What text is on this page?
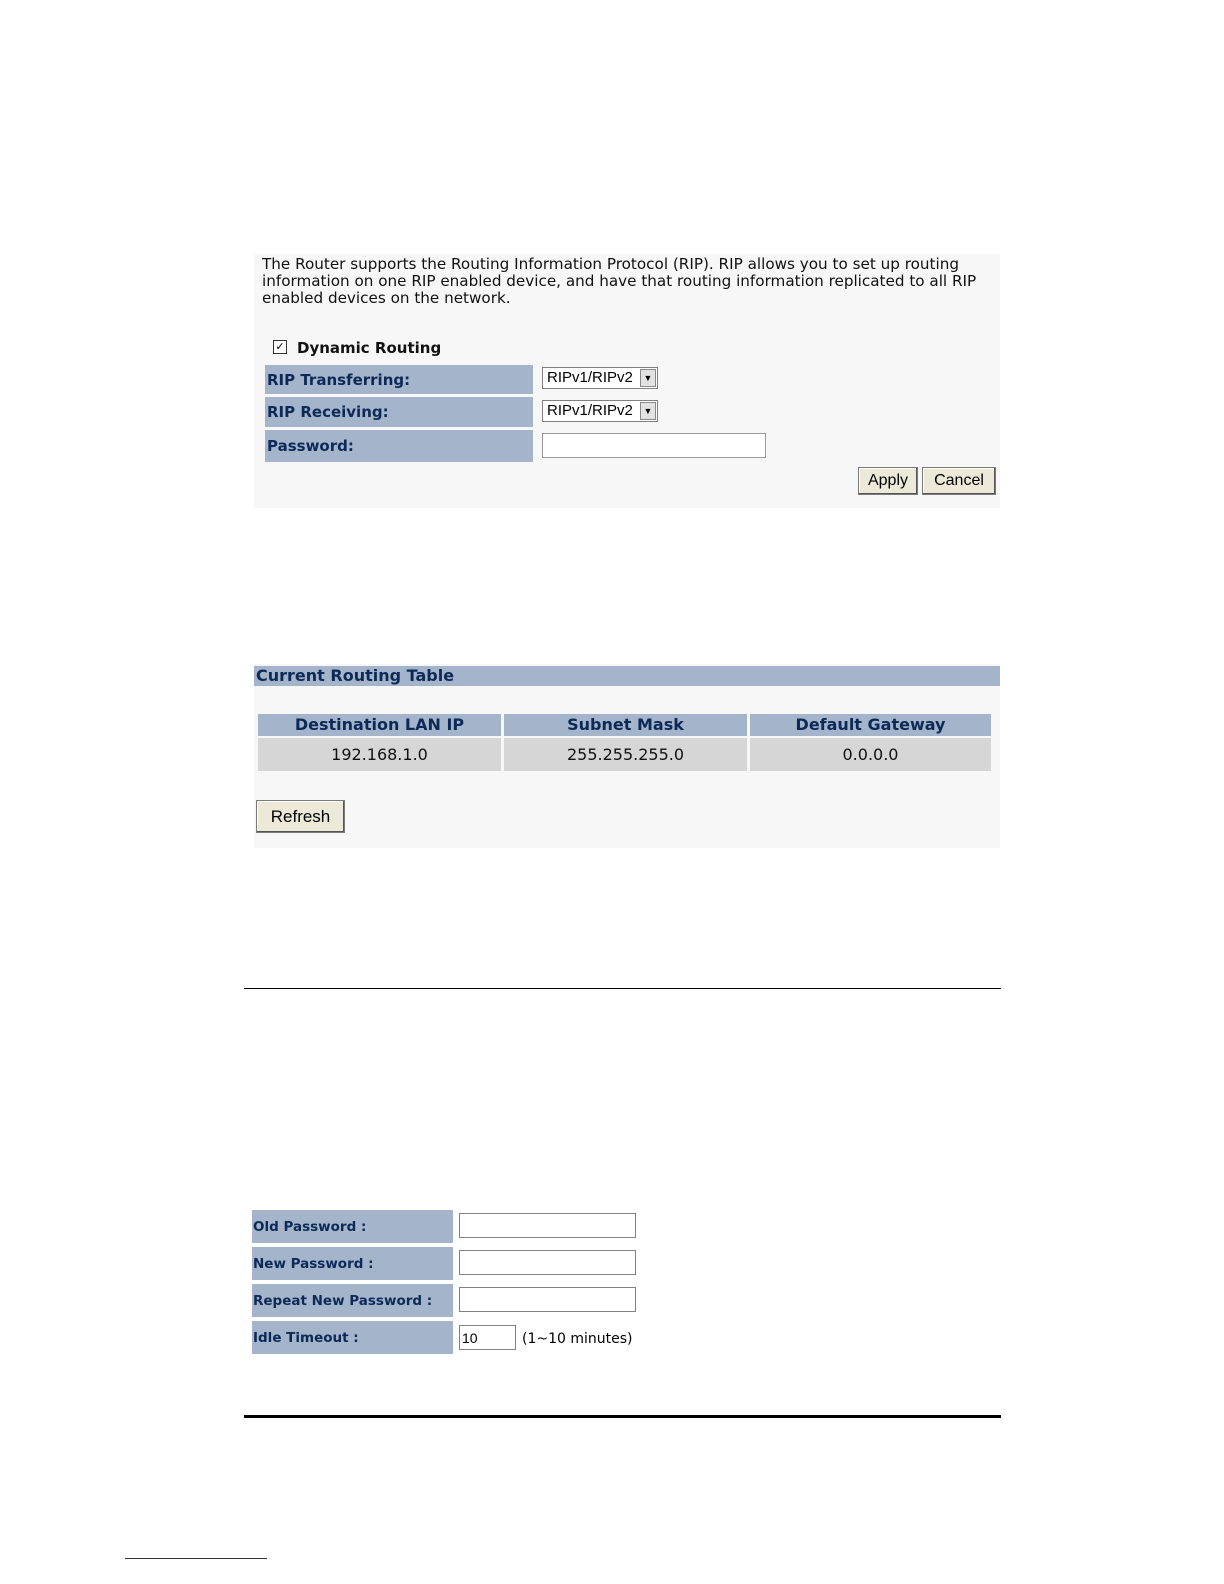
The Router supports the Routing Information Protocol (RIP). RIP allows you to set up routing information on one RIP enabled device, and have that routing information replicated to all RIP enabled devices on the network.
✓ Dynamic Routing
RIP Transferring:	RIPv1/RIPv2	▼
RIP Receiving:	RIPv1/RIPv2	▼
Password:
Apply	Cancel
Current Routing Table
Destination LAN IP	Subnet Mask	Default Gateway
192.168.1.0	255.255.255.0	0.0.0.0
Refresh
Old Password :
New Password :
Repeat New Password :
Idle Timeout :
10	(1~10 minutes)
